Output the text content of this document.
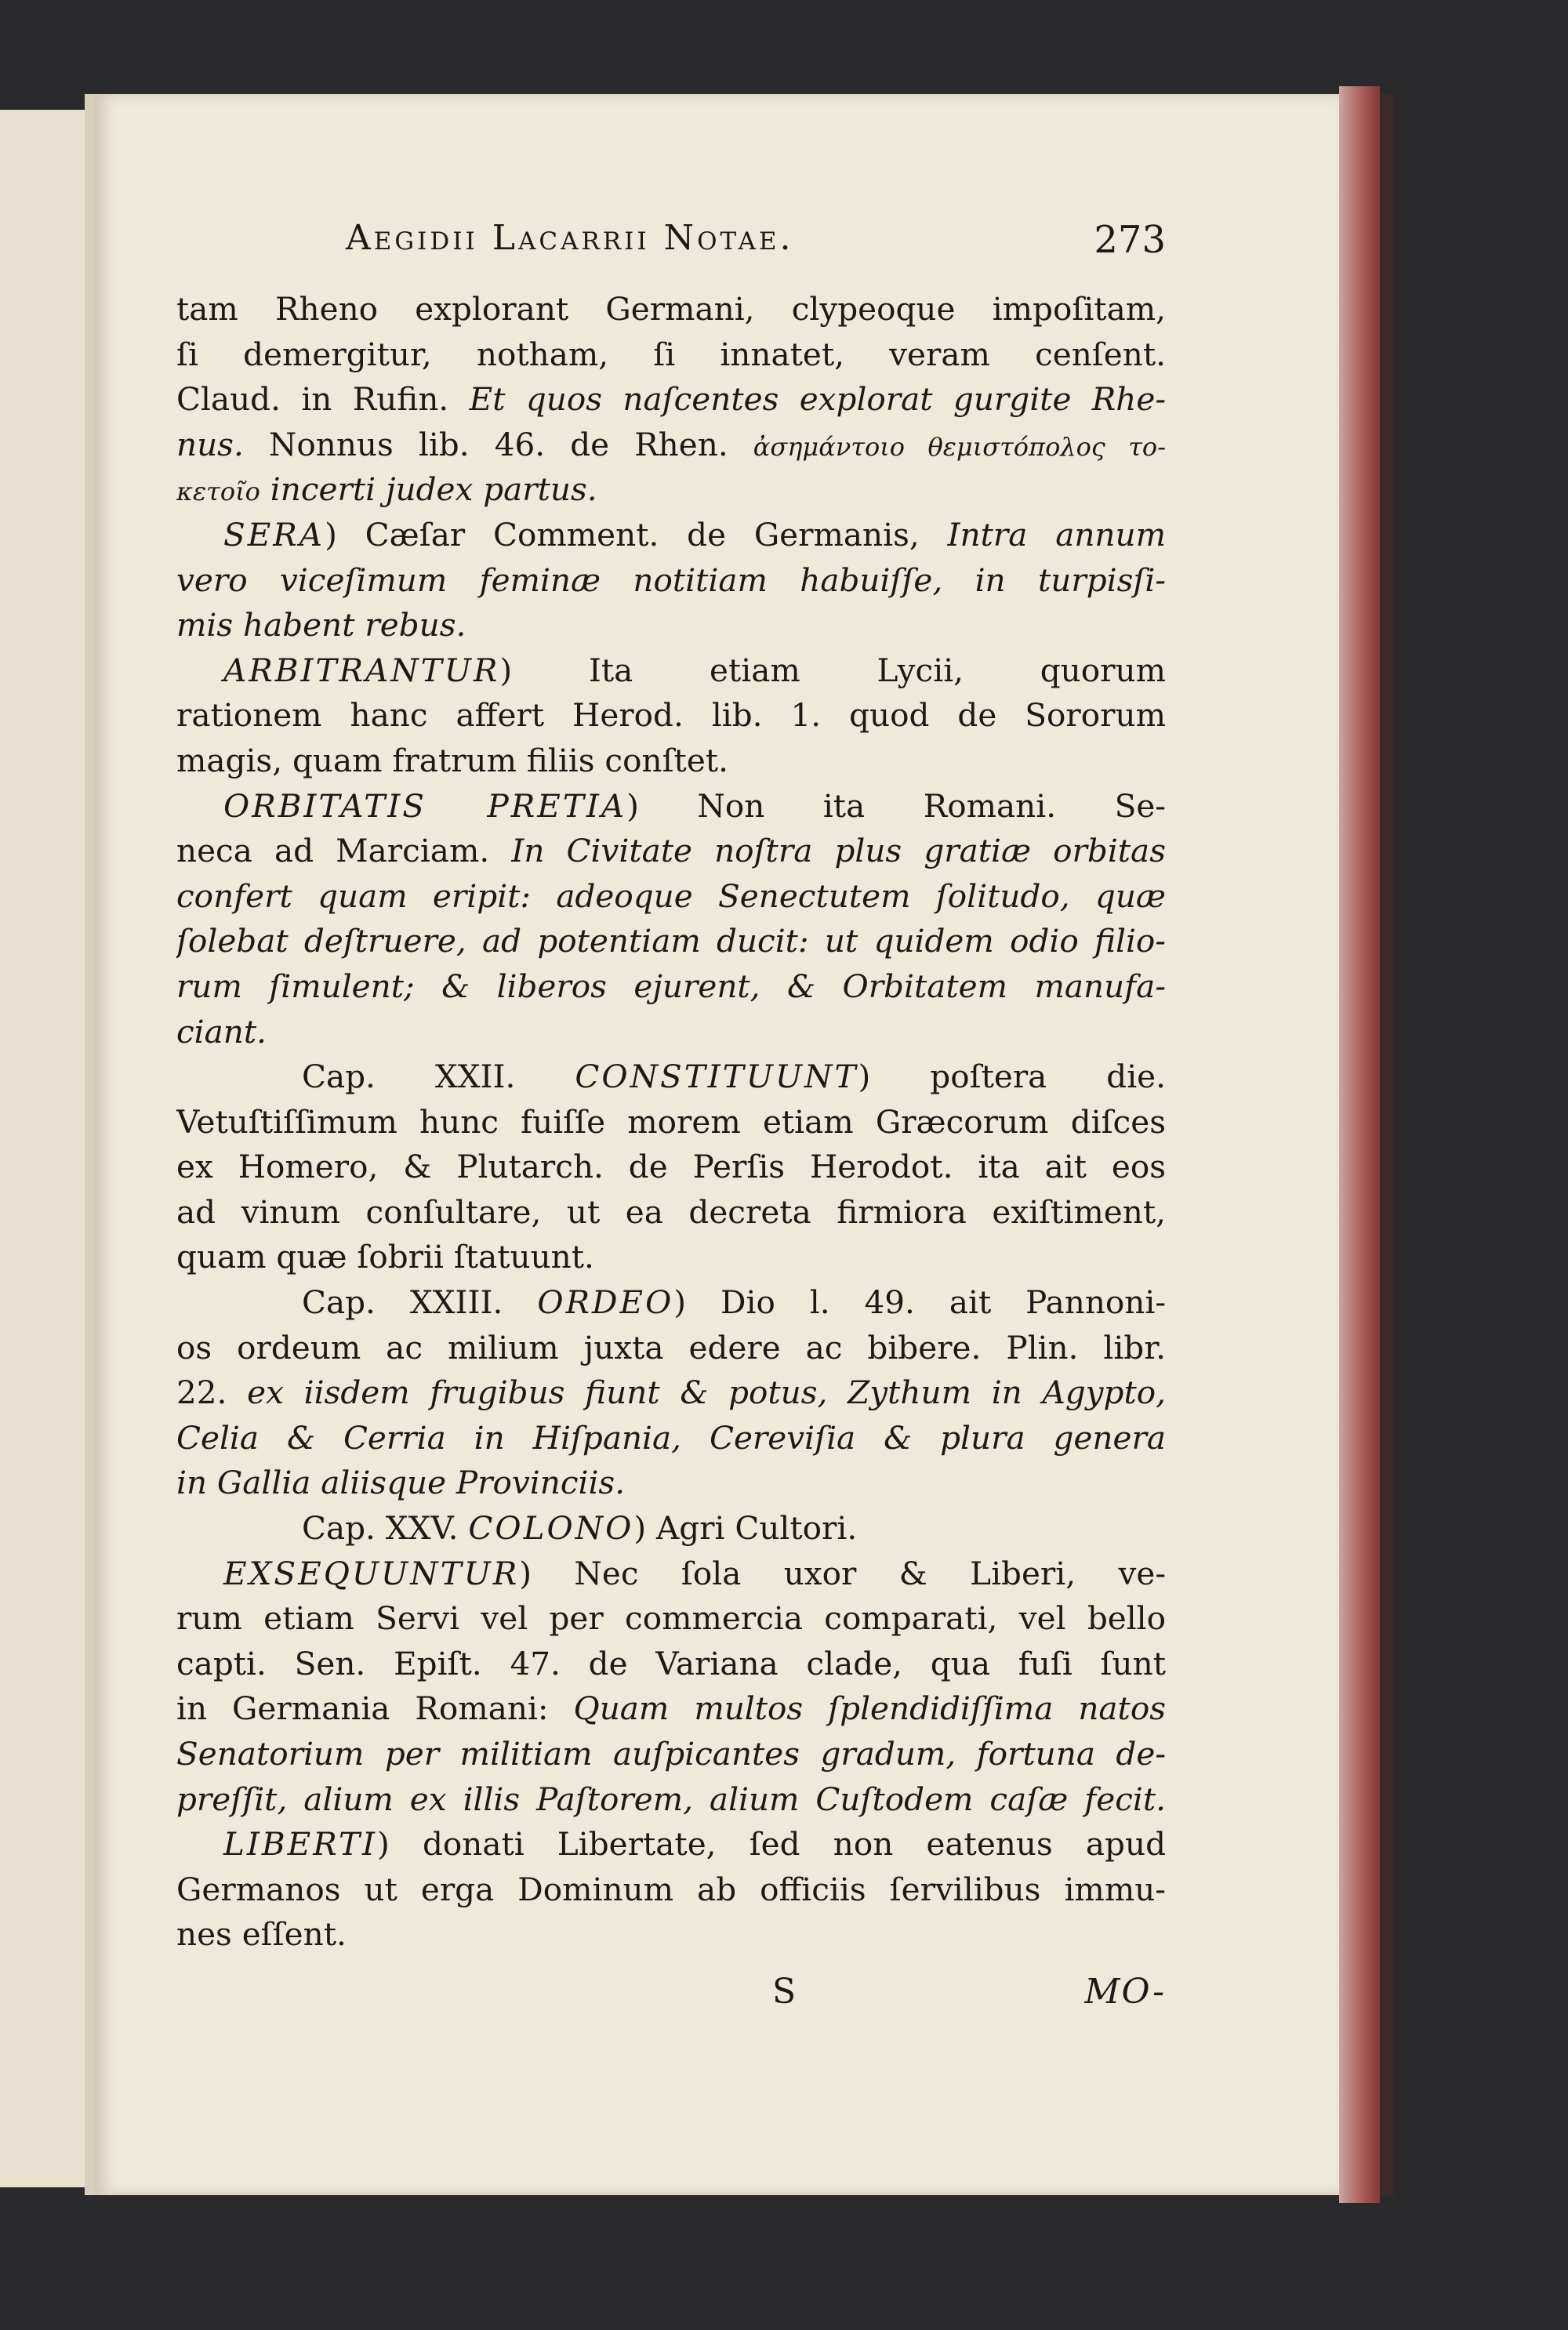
Aegidii Lacarrii Notae.	273
tam Rheno explorant Germani, clypeoque impoſitam,
ſi demergitur, notham, ſi innatet, veram cenſent.
Claud. in Rufin. Et quos naſcentes explorat gurgite Rhe-
nus. Nonnus lib. 46. de Rhen. ἀσημάντοιο θεμιστόπολος το-
κετοῖο incerti judex partus.
SERA) Cæſar Comment. de Germanis, Intra annum
vero viceſimum feminæ notitiam habuiſſe, in turpisſi-
mis habent rebus.
ARBITRANTUR) Ita etiam Lycii, quorum
rationem hanc affert Herod. lib. 1. quod de Sororum
magis, quam fratrum filiis conſtet.
ORBITATIS PRETIA) Non ita Romani. Se-
neca ad Marciam. In Civitate noſtra plus gratiæ orbitas
confert quam eripit: adeoque Senectutem ſolitudo, quæ
ſolebat deſtruere, ad potentiam ducit: ut quidem odio filio-
rum ſimulent; & liberos ejurent, & Orbitatem manufa-
ciant.
Cap. XXII. CONSTITUUNT) poſtera die.
Vetuſtiſſimum hunc fuiſſe morem etiam Græcorum diſces
ex Homero, & Plutarch. de Perſis Herodot. ita ait eos
ad vinum conſultare, ut ea decreta firmiora exiſtiment,
quam quæ ſobrii ſtatuunt.
Cap. XXIII. ORDEO) Dio l. 49. ait Pannoni-
os ordeum ac milium juxta edere ac bibere. Plin. libr.
22. ex iisdem frugibus fiunt & potus, Zythum in Agypto,
Celia & Cerria in Hiſpania, Cereviſia & plura genera
in Gallia aliisque Provinciis.
Cap. XXV. COLONO) Agri Cultori.
EXSEQUUNTUR) Nec ſola uxor & Liberi, ve-
rum etiam Servi vel per commercia comparati, vel bello
capti. Sen. Epiſt. 47. de Variana clade, qua fuſi ſunt
in Germania Romani: Quam multos ſplendidiſſima natos
Senatorium per militiam auſpicantes gradum, fortuna de-
preſſit, alium ex illis Paſtorem, alium Cuſtodem caſæ fecit.
LIBERTI) donati Libertate, ſed non eatenus apud
Germanos ut erga Dominum ab officiis ſervilibus immu-
nes eſſent.
S	MO-
